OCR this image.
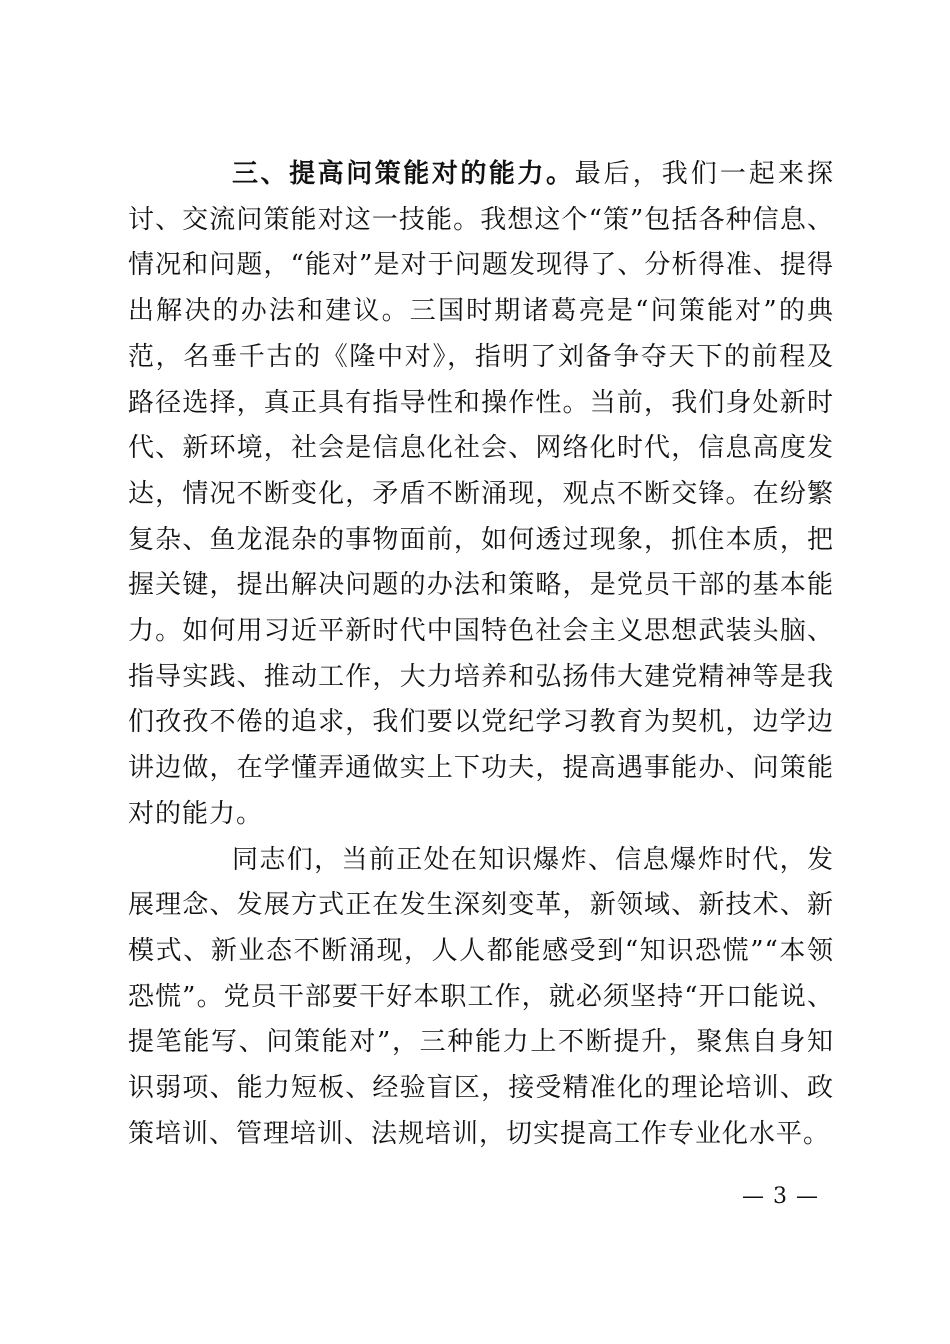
三、提高问策能对的能力。最后，我们一起来探讨、交流问策能对这一技能。我想这个“策”包括各种信息、情况和问题，“能对”是对于问题发现得了、分析得准、提得出解决的办法和建议。三国时期诸葛亮是“问策能对”的典范，名垂千古的《隆中对》，指明了刘备争夺天下的前程及路径选择，真正具有指导性和操作性。当前，我们身处新时代、新环境，社会是信息化社会、网络化时代，信息高度发达，情况不断变化，矛盾不断涌现，观点不断交锋。在纷繁复杂、鱼龙混杂的事物面前，如何透过现象，抓住本质，把握关键，提出解决问题的办法和策略，是党员干部的基本能力。如何用习近平新时代中国特色社会主义思想武装头脑、指导实践、推动工作，大力培养和弘扬伟大建党精神等是我们孜孜不倦的追求，我们要以党纪学习教育为契机，边学边讲边做，在学懂弄通做实上下功夫，提高遇事能办、问策能对的能力。

同志们，当前正处在知识爆炸、信息爆炸时代，发展理念、发展方式正在发生深刻变革，新领域、新技术、新模式、新业态不断涌现，人人都能感受到“知识恐慌”“本领恐慌”。党员干部要干好本职工作，就必须坚持“开口能说、提笔能写、问策能对”，三种能力上不断提升，聚焦自身知识弱项、能力短板、经验盲区，接受精准化的理论培训、政策培训、管理培训、法规培训，切实提高工作专业化水平。

— 3 —
